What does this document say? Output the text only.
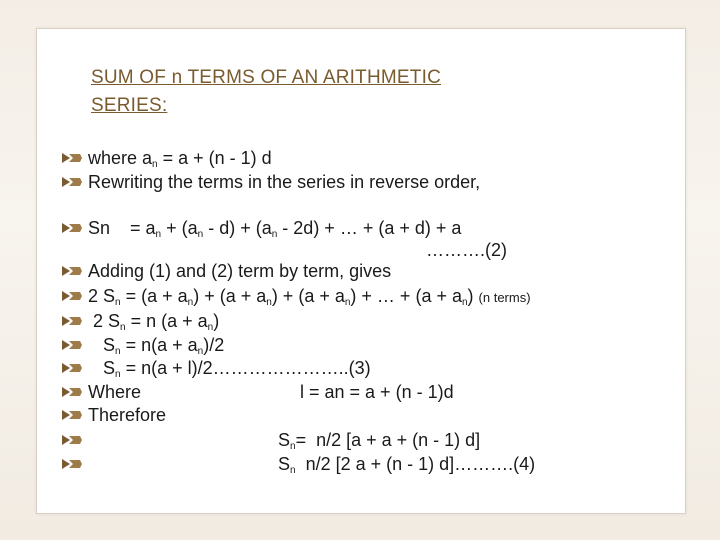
SUM OF n TERMS OF AN ARITHMETIC
SERIES:
where $a_n = a + (n - 1)$ d
Rewriting the terms in the series in reverse order,
Sn    = $a_n + (a_n - d) + (a_n - 2d)$ + … + (a + d) + a
……….(2)
Adding (1) and (2) term by term, gives
2 $S_n = (a + a_n) + (a + a_n) + (a + a_n)$ + … + $(a + a_n)$ (n terms)
2 $S_n = n$ $(a + a_n)$
$S_n = n(a + a_n)/2$
$S_n = n(a$ + l)/2…………………..(3)
Where	l = an = a + (n - 1)d
Therefore
$S_n= n/2$ [a + a + (n - 1) d]
$S_n$  n/2 [2 a + (n - 1) d]……….(4)
